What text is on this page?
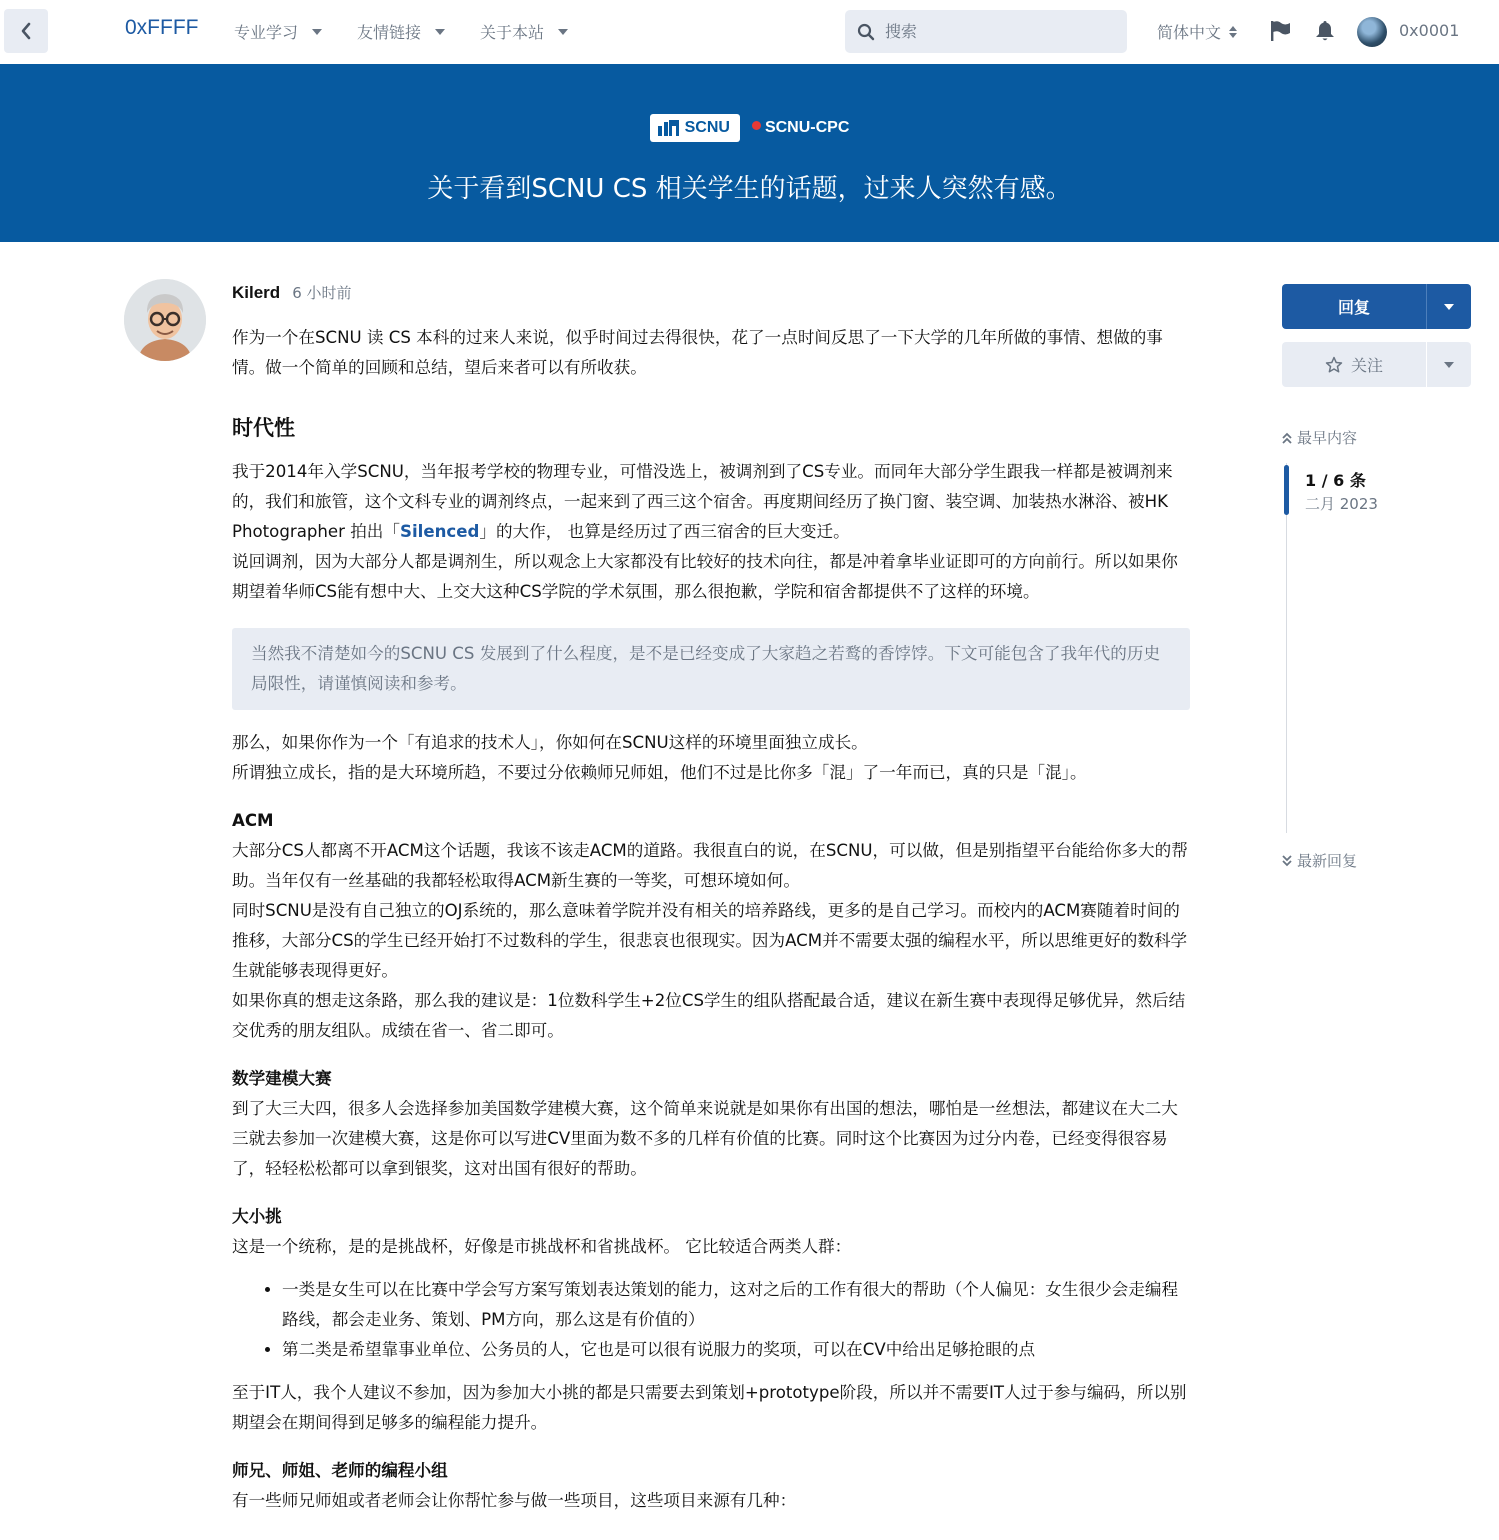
0xFFFF 专业学习	友情链接	关于本站
搜索	简体中文	0x0001
SCNU SCNU-CPC
关于看到SCNU CS 相关学生的话题，过来人突然有感。
Kilerd 6 小时前

作为一个在SCNU 读 CS 本科的过来人来说，似乎时间过去得很快，花了一点时间反思了一下大学的几年所做的事情、想做的事情。做一个简单的回顾和总结，望后来者可以有所收获。

时代性

我于2014年入学SCNU，当年报考学校的物理专业，可惜没选上，被调剂到了CS专业。而同年大部分学生跟我一样都是被调剂来的，我们和旅管，这个文科专业的调剂终点，一起来到了西三这个宿舍。再度期间经历了换门窗、装空调、加装热水淋浴、被HK Photographer 拍出「Silenced」的大作， 也算是经历过了西三宿舍的巨大变迁。

说回调剂，因为大部分人都是调剂生，所以观念上大家都没有比较好的技术向往，都是冲着拿毕业证即可的方向前行。所以如果你期望着华师CS能有想中大、上交大这种CS学院的学术氛围，那么很抱歉，学院和宿舍都提供不了这样的环境。

当然我不清楚如今的SCNU CS 发展到了什么程度，是不是已经变成了大家趋之若鹜的香饽饽。下文可能包含了我年代的历史局限性，请谨慎阅读和参考。

那么，如果你作为一个「有追求的技术人」，你如何在SCNU这样的环境里面独立成长。

所谓独立成长，指的是大环境所趋，不要过分依赖师兄师姐，他们不过是比你多「混」了一年而已，真的只是「混」。

ACM

大部分CS人都离不开ACM这个话题，我该不该走ACM的道路。我很直白的说，在SCNU，可以做，但是别指望平台能给你多大的帮助。当年仅有一丝基础的我都轻松取得ACM新生赛的一等奖，可想环境如何。

同时SCNU是没有自己独立的OJ系统的，那么意味着学院并没有相关的培养路线，更多的是自己学习。而校内的ACM赛随着时间的推移，大部分CS的学生已经开始打不过数科的学生，很悲哀也很现实。因为ACM并不需要太强的编程水平，所以思维更好的数科学生就能够表现得更好。

如果你真的想走这条路，那么我的建议是：1位数科学生+2位CS学生的组队搭配最合适，建议在新生赛中表现得足够优异，然后结交优秀的朋友组队。成绩在省一、省二即可。

数学建模大赛

到了大三大四，很多人会选择参加美国数学建模大赛，这个简单来说就是如果你有出国的想法，哪怕是一丝想法，都建议在大二大三就去参加一次建模大赛，这是你可以写进CV里面为数不多的几样有价值的比赛。同时这个比赛因为过分内卷，已经变得很容易了，轻轻松松都可以拿到银奖，这对出国有很好的帮助。

大小挑

这是一个统称，是的是挑战杯，好像是市挑战杯和省挑战杯。 它比较适合两类人群：

• 一类是女生可以在比赛中学会写方案写策划表达策划的能力，这对之后的工作有很大的帮助（个人偏见：女生很少会走编程路线，都会走业务、策划、PM方向，那么这是有价值的）
• 第二类是希望靠事业单位、公务员的人，它也是可以很有说服力的奖项，可以在CV中给出足够抢眼的点

至于IT人，我个人建议不参加，因为参加大小挑的都是只需要去到策划+prototype阶段，所以并不需要IT人过于参与编码，所以别期望会在期间得到足够多的编程能力提升。

师兄、师姐、老师的编程小组

有一些师兄师姐或者老师会让你帮忙参与做一些项目，这些项目来源有几种：

回复
关注
最早内容
1 / 6 条
二月 2023
最新回复
